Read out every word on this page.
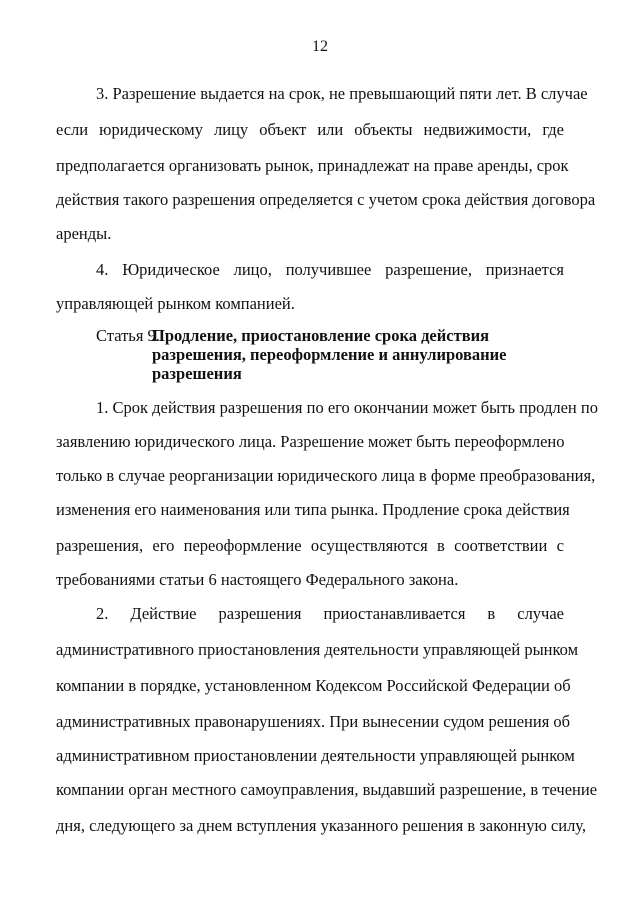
12
3. Разрешение выдается на срок, не превышающий пяти лет. В случае
если юридическому лицу объект или объекты недвижимости, где
предполагается организовать рынок, принадлежат на праве аренды, срок
действия такого разрешения определяется с учетом срока действия договора
аренды.
4. Юридическое лицо, получившее разрешение, признается
управляющей рынком компанией.
Статья 9.
Продление, приостановление срока действия
разрешения, переоформление и аннулирование
разрешения
1. Срок действия разрешения по его окончании может быть продлен по
заявлению юридического лица. Разрешение может быть переоформлено
только в случае реорганизации юридического лица в форме преобразования,
изменения его наименования или типа рынка. Продление срока действия
разрешения, его переоформление осуществляются в соответствии с
требованиями статьи 6 настоящего Федерального закона.
2. Действие разрешения приостанавливается в случае
административного приостановления деятельности управляющей рынком
компании в порядке, установленном Кодексом Российской Федерации об
административных правонарушениях. При вынесении судом решения об
административном приостановлении деятельности управляющей рынком
компании орган местного самоуправления, выдавший разрешение, в течение
дня, следующего за днем вступления указанного решения в законную силу,
